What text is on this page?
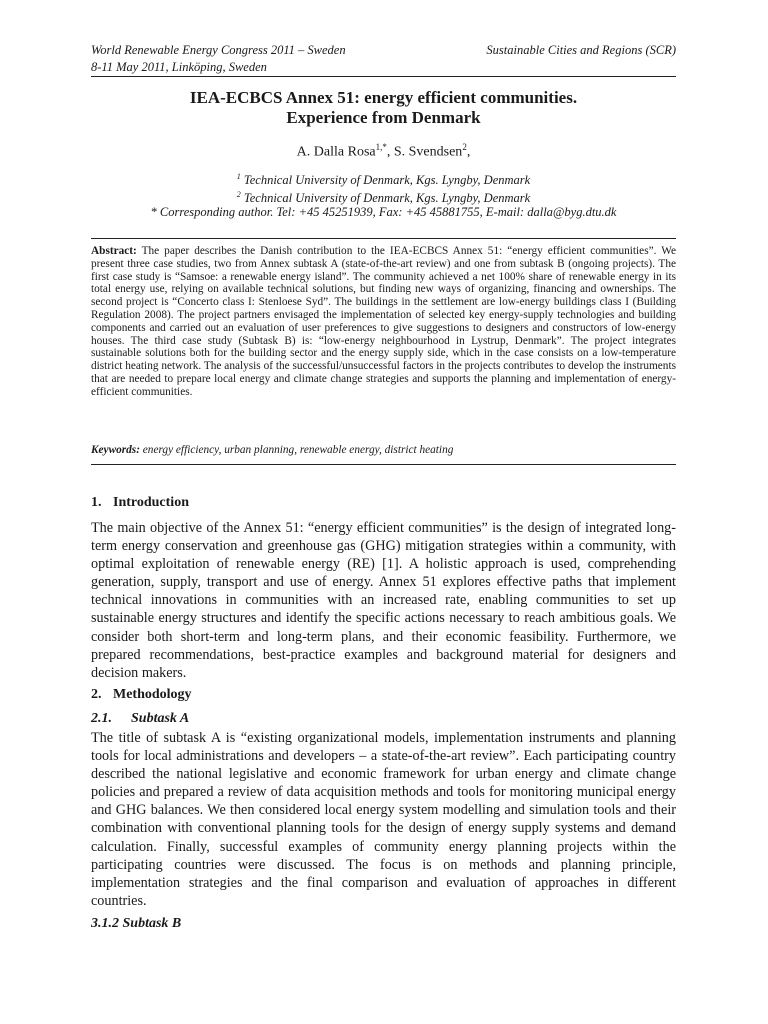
World Renewable Energy Congress 2011 – Sweden
8-11 May 2011, Linköping, Sweden
Sustainable Cities and Regions (SCR)
IEA-ECBCS Annex 51: energy efficient communities.
Experience from Denmark
A. Dalla Rosa$^{1,*}$, S. Svendsen$^2$,
$^1$ Technical University of Denmark, Kgs. Lyngby, Denmark
$^2$ Technical University of Denmark, Kgs. Lyngby, Denmark
* Corresponding author. Tel: +45 45251939, Fax: +45 45881755, E-mail: dalla@byg.dtu.dk
Abstract: The paper describes the Danish contribution to the IEA-ECBCS Annex 51: “energy efficient communities”. We present three case studies, two from Annex subtask A (state-of-the-art review) and one from subtask B (ongoing projects). The first case study is “Samsoe: a renewable energy island”. The community achieved a net 100% share of renewable energy in its total energy use, relying on available technical solutions, but finding new ways of organizing, financing and ownerships. The second project is “Concerto class I: Stenloese Syd”. The buildings in the settlement are low-energy buildings class I (Building Regulation 2008). The project partners envisaged the implementation of selected key energy-supply technologies and building components and carried out an evaluation of user preferences to give suggestions to designers and constructors of low-energy houses. The third case study (Subtask B) is: “low-energy neighbourhood in Lystrup, Denmark”. The project integrates sustainable solutions both for the building sector and the energy supply side, which in the case consists on a low-temperature district heating network. The analysis of the successful/unsuccessful factors in the projects contributes to develop the instruments that are needed to prepare local energy and climate change strategies and supports the planning and implementation of energy-efficient communities.
Keywords: energy efficiency, urban planning, renewable energy, district heating
1. Introduction
The main objective of the Annex 51: “energy efficient communities” is the design of integrated long-term energy conservation and greenhouse gas (GHG) mitigation strategies within a community, with optimal exploitation of renewable energy (RE) [1]. A holistic approach is used, comprehending generation, supply, transport and use of energy. Annex 51 explores effective paths that implement technical innovations in communities with an increased rate, enabling communities to set up sustainable energy structures and identify the specific actions necessary to reach ambitious goals. We consider both short-term and long-term plans, and their economic feasibility. Furthermore, we prepared recommendations, best-practice examples and background material for designers and decision makers.
2. Methodology
2.1. Subtask A
The title of subtask A is “existing organizational models, implementation instruments and planning tools for local administrations and developers – a state-of-the-art review”. Each participating country described the national legislative and economic framework for urban energy and climate change policies and prepared a review of data acquisition methods and tools for monitoring municipal energy and GHG balances. We then considered local energy system modelling and simulation tools and their combination with conventional planning tools for the design of energy supply systems and demand calculation. Finally, successful examples of community energy planning projects within the participating countries were discussed. The focus is on methods and planning principle, implementation strategies and the final comparison and evaluation of approaches in different countries.
3.1.2 Subtask B
